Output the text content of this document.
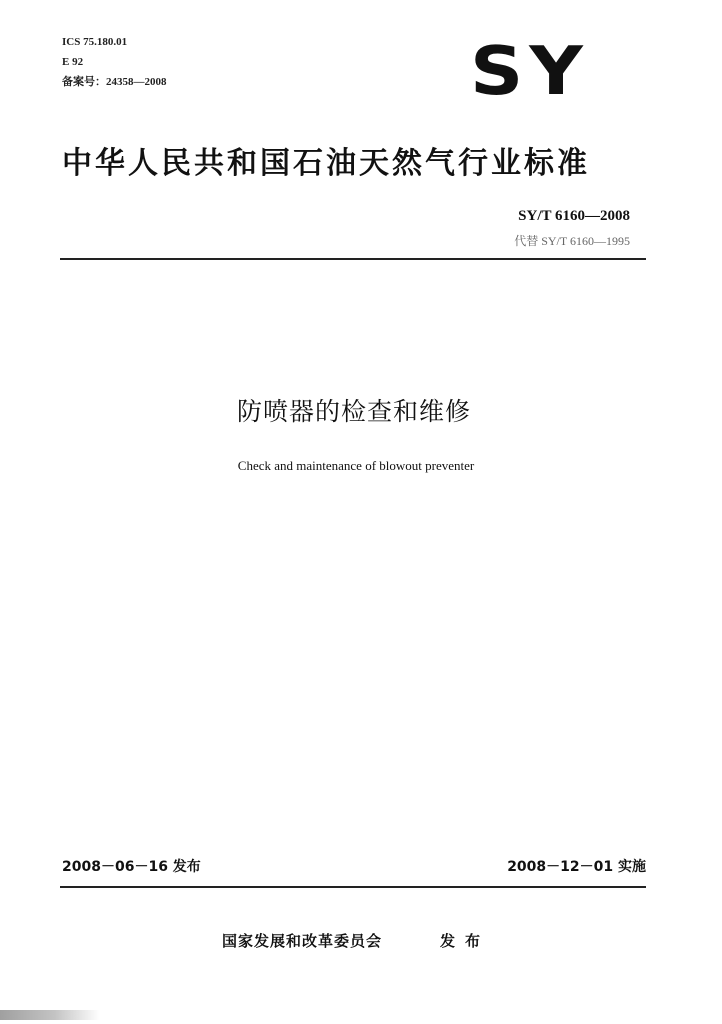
ICS 75.180.01
E 92
备案号：24358—2008	SY
中华人民共和国石油天然气行业标准
SY/T 6160—2008
代替 SY/T 6160—1995
防喷器的检查和维修
Check and maintenance of blowout preventer
2008－06－16 发布	2008－12－01 实施
国家发展和改革委员会	发布
